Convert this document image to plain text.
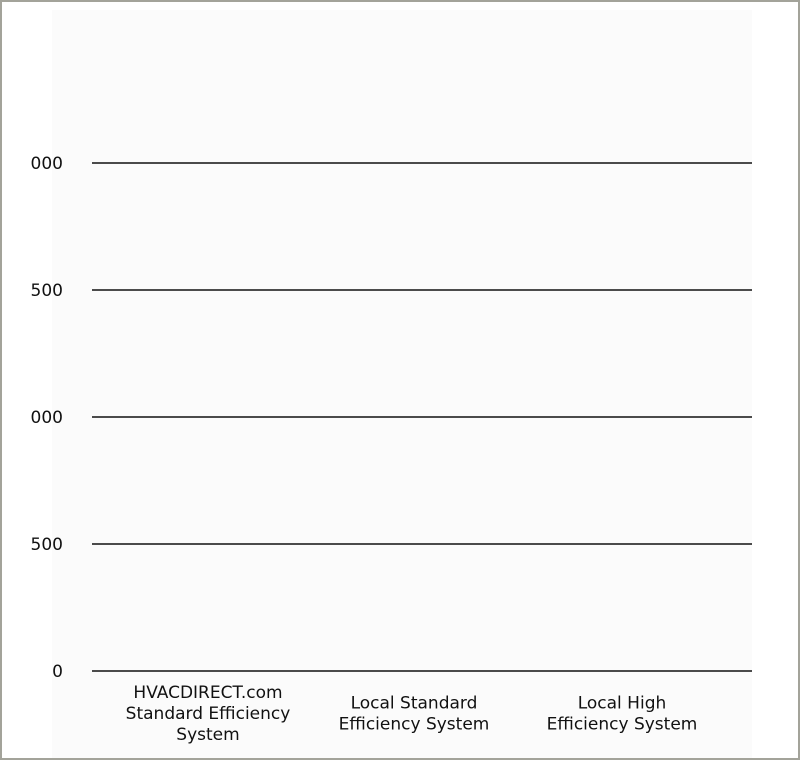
0
500
000
500
000
HVACDIRECT.com
Standard Efficiency
System
Local Standard
Efficiency System
Local High
Efficiency System
